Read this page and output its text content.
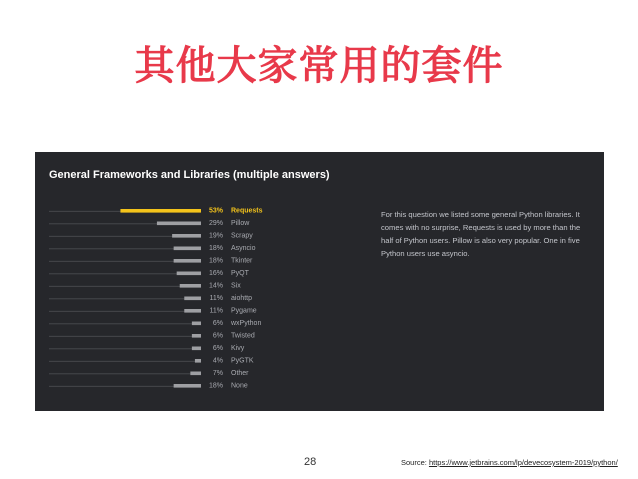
其他大家常用的套件
General Frameworks and Libraries (multiple answers)
53% Requests
29% Pillow
19% Scrapy
18% Asyncio
18% Tkinter
16% PyQT
14% Six
11% aiohttp
11% Pygame
6% wxPython
6% Twisted
6% Kivy
4% PyGTK
7% Other
18% None
For this question we listed some general Python libraries. It comes with no surprise, Requests is used by more than the half of Python users. Pillow is also very popular. One in five Python users use asyncio.
28	Source: https://www.jetbrains.com/lp/devecosystem-2019/python/
